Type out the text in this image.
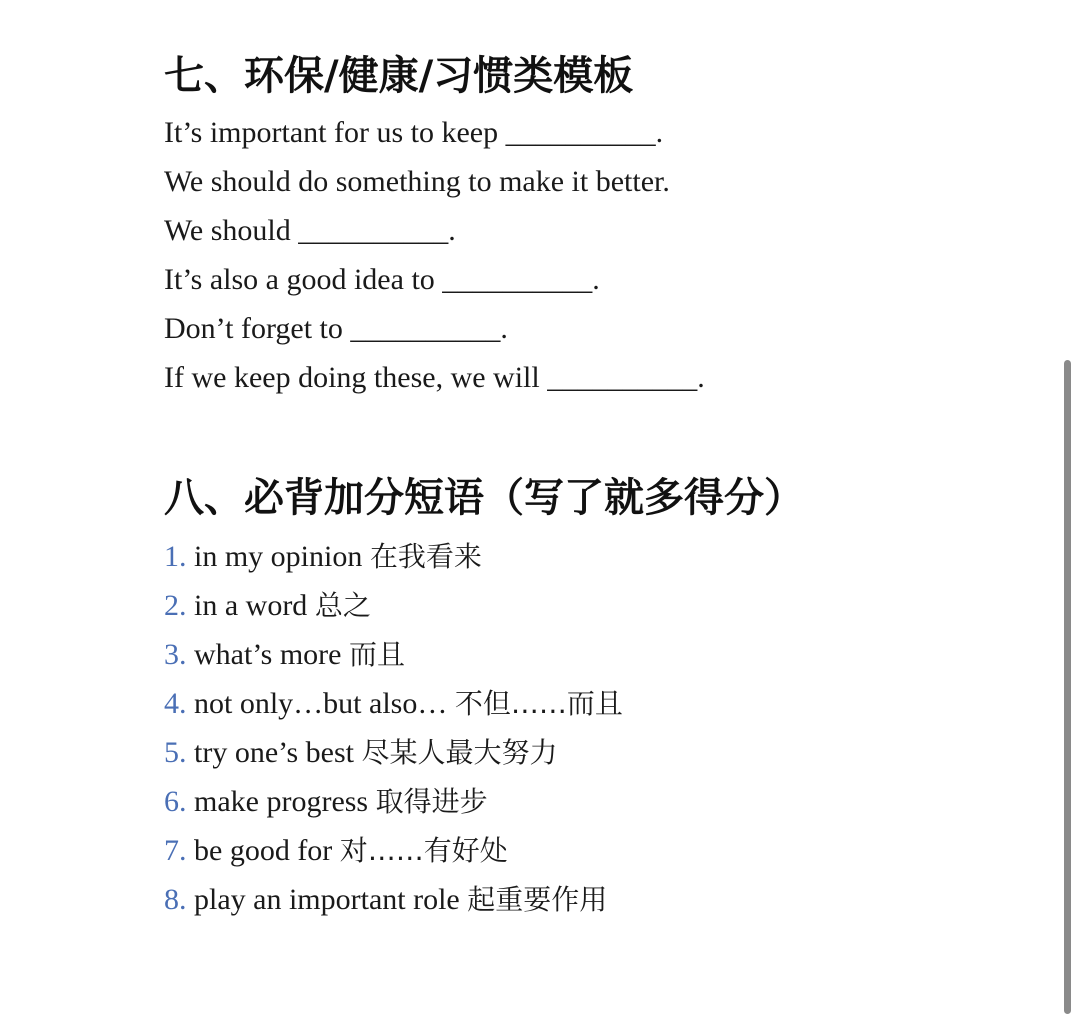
七、环保/健康/习惯类模板
It’s important for us to keep __________.
We should do something to make it better.
We should __________.
It’s also a good idea to __________.
Don’t forget to __________.
If we keep doing these, we will __________.
八、必背加分短语（写了就多得分）
1. in my opinion 在我看来
2. in a word 总之
3. what’s more 而且
4. not only…but also… 不但……而且
5. try one’s best 尽某人最大努力
6. make progress 取得进步
7. be good for 对……有好处
8. play an important role 起重要作用
